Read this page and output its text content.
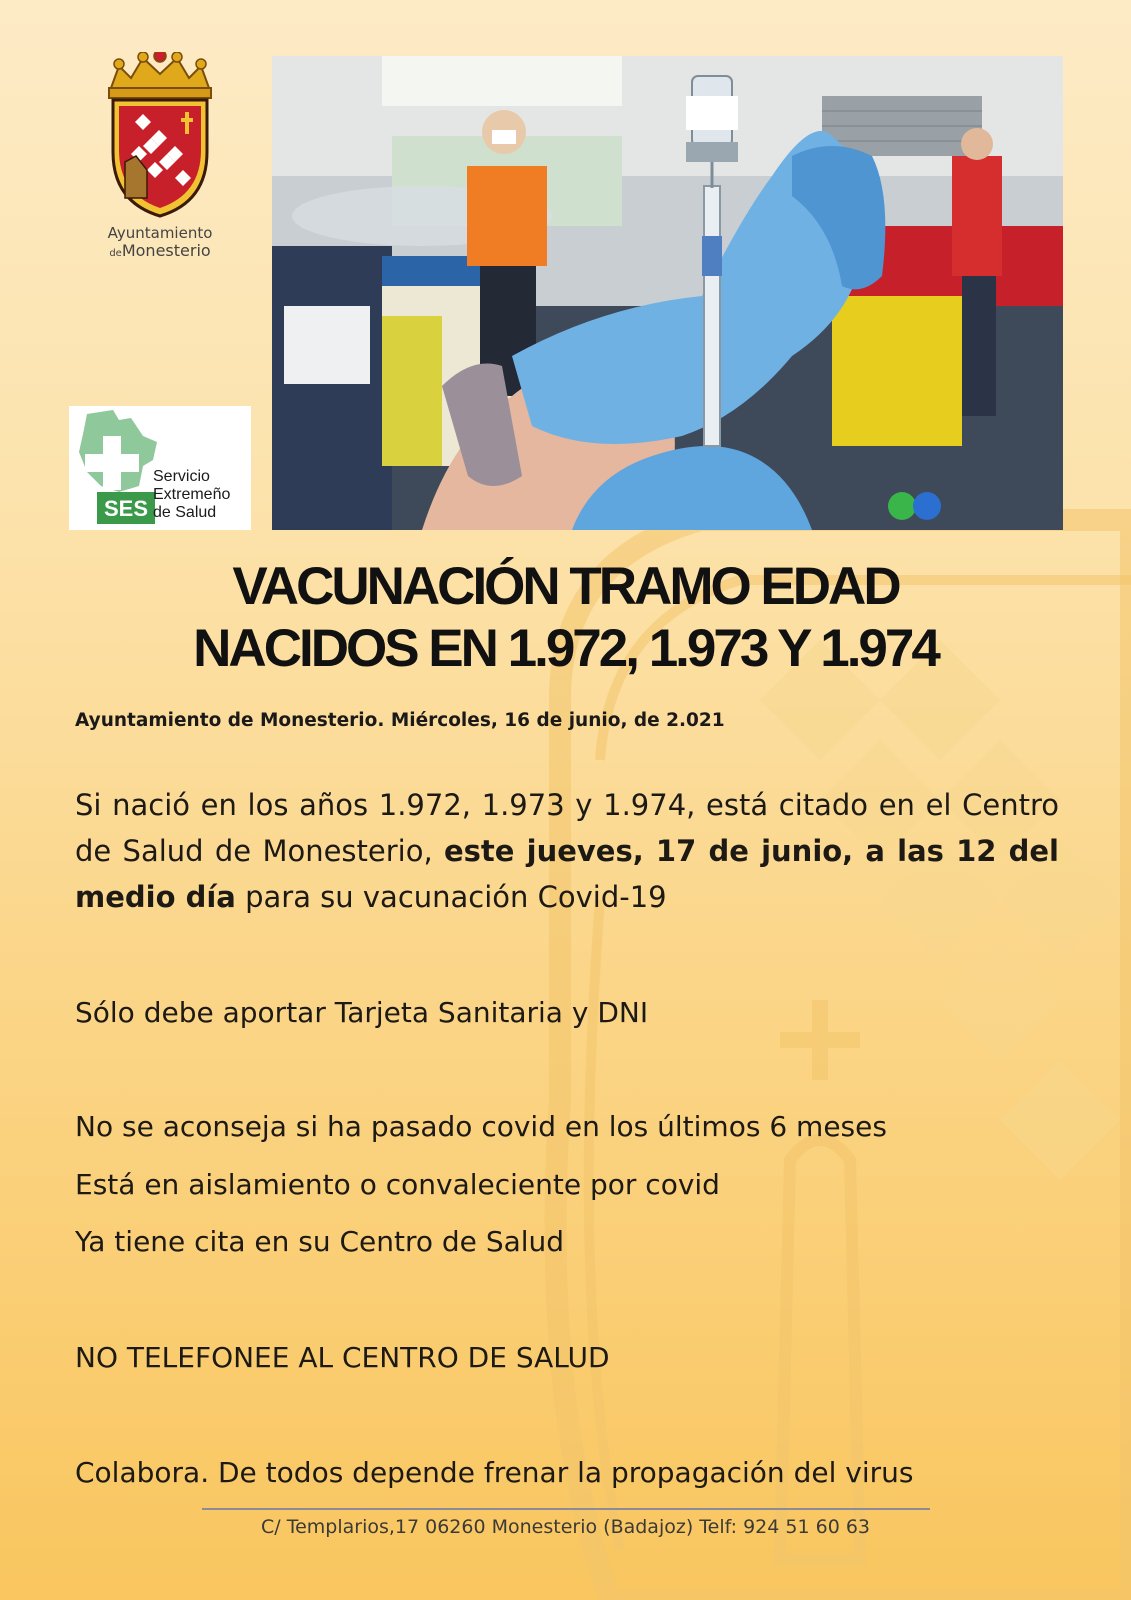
Ayuntamiento
deMonesterio
SES
Servicio
Extremeño
de Salud
VACUNACIÓN TRAMO EDAD
NACIDOS EN 1.972, 1.973 Y 1.974
Ayuntamiento de Monesterio. Miércoles, 16 de junio, de 2.021

Si nació en los años 1.972, 1.973 y 1.974, está citado en el Centro de Salud de Monesterio, este jueves, 17 de junio, a las 12 del medio día para su vacunación Covid-19

Sólo debe aportar Tarjeta Sanitaria y DNI
No se aconseja si ha pasado covid en los últimos 6 meses
Está en aislamiento o convaleciente por covid
Ya tiene cita en su Centro de Salud
NO TELEFONEE AL CENTRO DE SALUD
Colabora. De todos depende frenar la propagación del virus
C/ Templarios,17 06260 Monesterio (Badajoz) Telf: 924 51 60 63
